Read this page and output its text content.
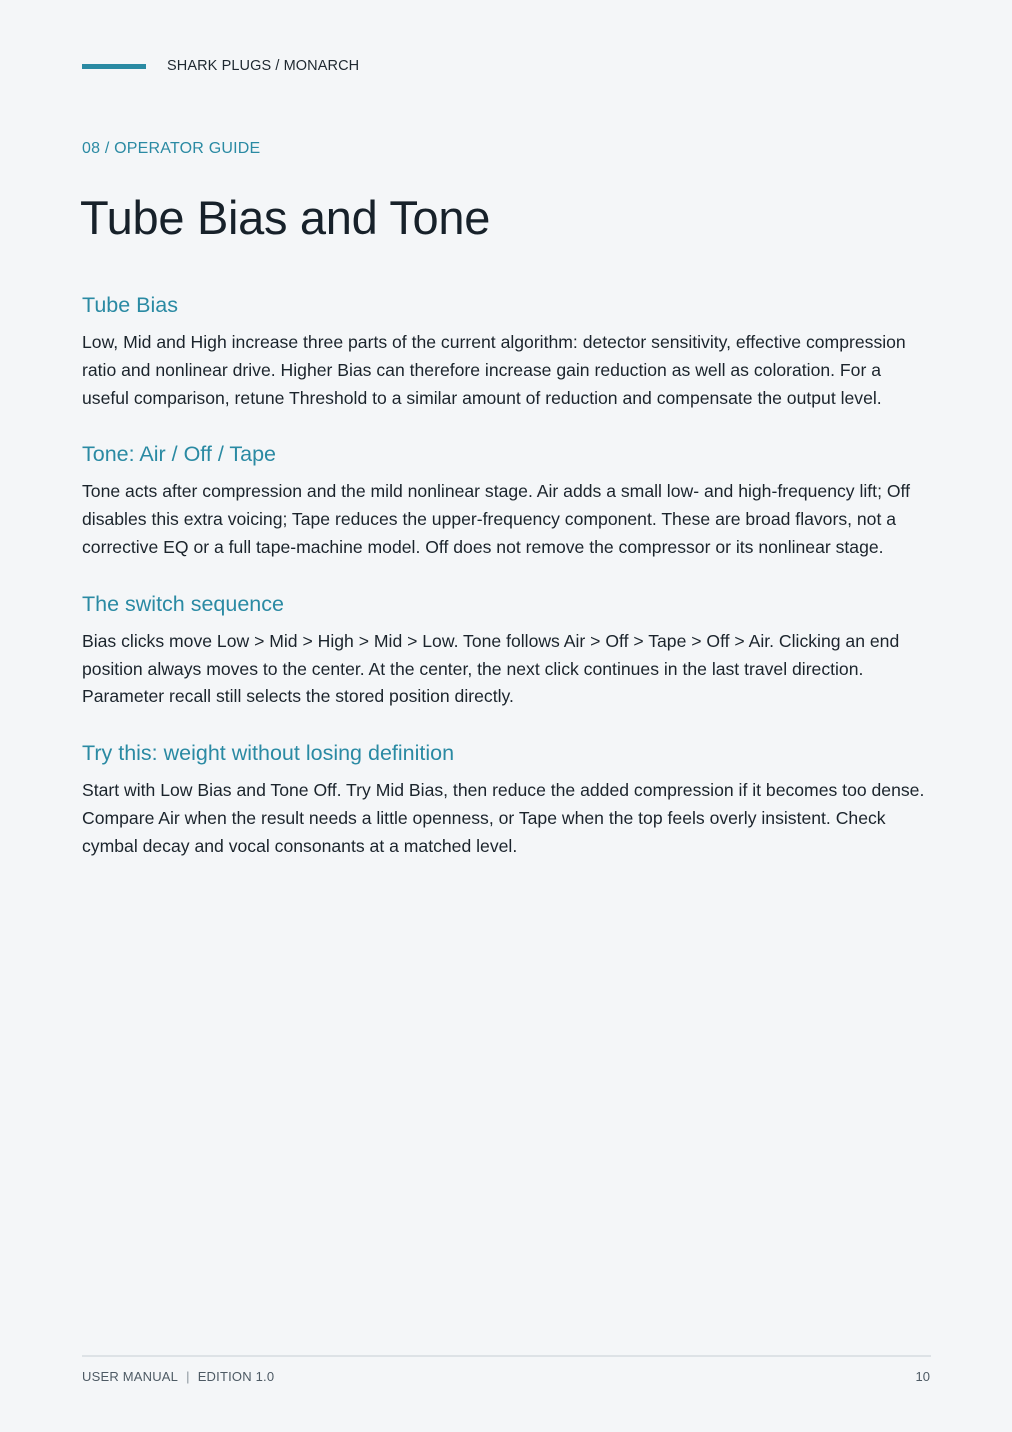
SHARK PLUGS / MONARCH
08 / OPERATOR GUIDE
Tube Bias and Tone
Tube Bias

Low, Mid and High increase three parts of the current algorithm: detector sensitivity, effective compression ratio and nonlinear drive. Higher Bias can therefore increase gain reduction as well as coloration. For a useful comparison, retune Threshold to a similar amount of reduction and compensate the output level.

Tone: Air / Off / Tape

Tone acts after compression and the mild nonlinear stage. Air adds a small low- and high-frequency lift; Off disables this extra voicing; Tape reduces the upper-frequency component. These are broad flavors, not a corrective EQ or a full tape-machine model. Off does not remove the compressor or its nonlinear stage.

The switch sequence

Bias clicks move Low > Mid > High > Mid > Low. Tone follows Air > Off > Tape > Off > Air. Clicking an end position always moves to the center. At the center, the next click continues in the last travel direction. Parameter recall still selects the stored position directly.

Try this: weight without losing definition

Start with Low Bias and Tone Off. Try Mid Bias, then reduce the added compression if it becomes too dense. Compare Air when the result needs a little openness, or Tape when the top feels overly insistent. Check cymbal decay and vocal consonants at a matched level.

USER MANUAL | EDITION 1.0	10
